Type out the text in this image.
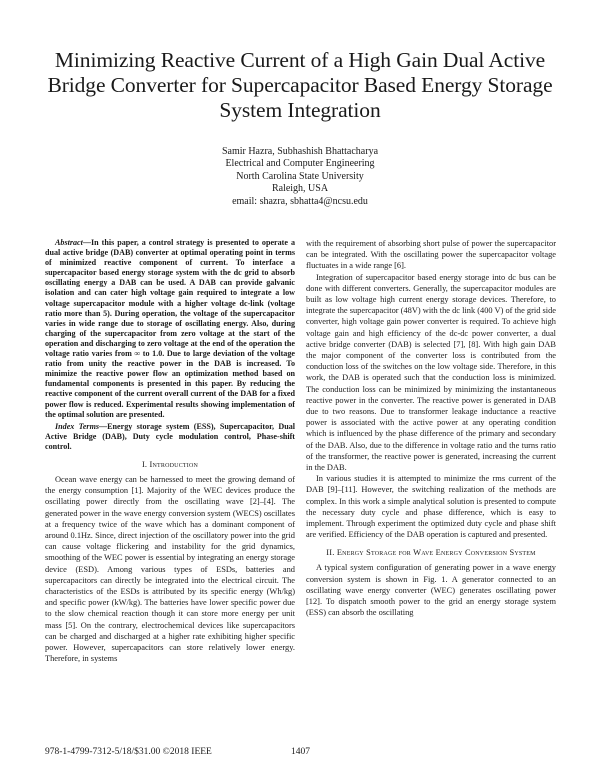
Minimizing Reactive Current of a High Gain Dual Active Bridge Converter for Supercapacitor Based Energy Storage System Integration
Samir Hazra, Subhashish Bhattacharya
Electrical and Computer Engineering
North Carolina State University
Raleigh, USA
email: shazra, sbhatta4@ncsu.edu

Abstract—In this paper, a control strategy is presented to operate a dual active bridge (DAB) converter at optimal operating point in terms of minimized reactive component of current. To interface a supercapacitor based energy storage system with the dc grid to absorb oscillating energy a DAB can be used. A DAB can provide galvanic isolation and can cater high voltage gain required to integrate a low voltage supercapacitor module with a higher voltage dc-link (voltage ratio more than 5). During operation, the voltage of the supercapacitor varies in wide range due to storage of oscillating energy. Also, during charging of the supercapacitor from zero voltage at the start of the operation and discharging to zero voltage at the end of the operation the voltage ratio varies from ∞ to 1.0. Due to large deviation of the voltage ratio from unity the reactive power in the DAB is increased. To minimize the reactive power flow an optimization method based on fundamental components is presented in this paper. By reducing the reactive component of the current overall current of the DAB for a fixed power flow is reduced. Experimental results showing implementation of the optimal solution are presented.

Index Terms—Energy storage system (ESS), Supercapacitor, Dual Active Bridge (DAB), Duty cycle modulation control, Phase-shift control.

I. Introduction

Ocean wave energy can be harnessed to meet the growing demand of the energy consumption [1]. Majority of the WEC devices produce the oscillating power directly from the oscillating wave [2]–[4]. The generated power in the wave energy conversion system (WECS) oscillates at a frequency twice of the wave which has a dominant component of around 0.1Hz. Since, direct injection of the oscillatory power into the grid can cause voltage flickering and instability for the grid dynamics, smoothing of the WEC power is essential by integrating an energy storage device (ESD). Among various types of ESDs, batteries and supercapacitors can directly be integrated into the electrical circuit. The characteristics of the ESDs is attributed by its specific energy (Wh/kg) and specific power (kW/kg). The batteries have lower specific power due to the slow chemical reaction though it can store more energy per unit mass [5]. On the contrary, electrochemical devices like supercapacitors can be charged and discharged at a higher rate exhibiting higher specific power. However, supercapacitors can store relatively lower energy. Therefore, in systems

with the requirement of absorbing short pulse of power the supercapacitor can be integrated. With the oscillating power the supercapacitor voltage fluctuates in a wide range [6].

Integration of supercapacitor based energy storage into dc bus can be done with different converters. Generally, the supercapacitor modules are built as low voltage high current energy storage devices. Therefore, to integrate the supercapacitor (48V) with the dc link (400 V) of the grid side converter, high voltage gain power converter is required. To achieve high voltage gain and high efficiency of the dc-dc power converter, a dual active bridge converter (DAB) is selected [7], [8]. With high gain DAB the major component of the converter loss is contributed from the conduction loss of the switches on the low voltage side. Therefore, in this work, the DAB is operated such that the conduction loss is minimized. The conduction loss can be minimized by minimizing the instantaneous reactive power in the converter. The reactive power is generated in DAB due to two reasons. Due to transformer leakage inductance a reactive power is associated with the active power at any operating condition which is influenced by the phase difference of the primary and secondary of the DAB. Also, due to the difference in voltage ratio and the turns ratio of the transformer, the reactive power is generated, increasing the current in the DAB.

In various studies it is attempted to minimize the rms current of the DAB [9]–[11]. However, the switching realization of the methods are complex. In this work a simple analytical solution is presented to compute the necessary duty cycle and phase difference, which is easy to implement. Through experiment the optimized duty cycle and phase shift are verified. Efficiency of the DAB operation is captured and presented.

II. Energy Storage for Wave Energy Conversion System

A typical system configuration of generating power in a wave energy conversion system is shown in Fig. 1. A generator connected to an oscillating wave energy converter (WEC) generates oscillating power [12]. To dispatch smooth power to the grid an energy storage system (ESS) can absorb the oscillating

978-1-4799-7312-5/18/$31.00 ©2018 IEEE	1407
